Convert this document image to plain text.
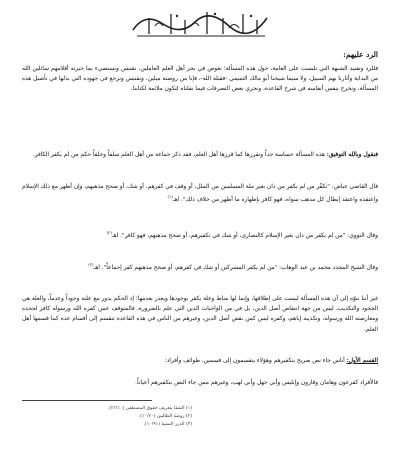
الرد عليهم:

فللرد وتفنيد الشبهة التي تلبست على العامة، حول هذه المسألة؛ نغوص في بحر أهل العلم العاملين، نقتبس ونستضيء بما حبرته أقلامهم سائلين الله من البداية وأثارنا بهم السبيل، ولا سيما شيخنا أبو مالك التميمي -فقبله الله-، فإنا من روضته ميلين، ونقتبس ونرجع في جهوده التي بذلها في تأصيل هذه المسألة، ونخرج بنفس أنفاسه في شرح القاعدة، ونجري بعض التصرفات فيما نقلناه لتكون ملائمة لكتابنا.

فنقول وبالله التوفيق: هذه المسألة حساسة جداً وتقررها كما قررها أهل العلم، فقد ذكر جماعة من أهل العلم سلفاً وخلفاً حكم من لم يكفر الكافر.

قال القاضي عياض: "نكفّر من لم يكفر من دان بغير ملة المسلمين من الملل، أو وقف في كفرهم، أو شك، أو صحح مذهبهم، وإن أظهر مع ذلك الإسلام واعتقده واعتقد إبطال كل مذهب سواه، فهو كافر بإظهاره ما أظهر من خلاف ذلك". اهـ$^{(١)}$

وقال النووي: "من لم يكفر من دان بغير الإسلام كالنصارى، أو شك في تكفيرهم، أو صحح مذهبهم، فهو كافر". اهـ$^{(٢)}$

وقال الشيخ المجدد محمد بن عبد الوهاب: "من لم يكفر المشركين أو شك في كفرهم، أو صحح مذهبهم كفر إجماعاً". اهـ$^{(٣)}$

غير أننا ننوّه إلى أن هذه المسألة ليست على إطلاقها، وإنما لها مناط وعلة يكفر بوجودها ويعذر بعدمها؛ إذ الحكم يدور مع علته وجوداً وعدماً، والعلة هي الجحود والتكذيب، ليس من جهة انتقاض أصل الدين، بل في من الواجبات الدين التي علم بالضرورة، فالمتوقف عمن كفره الله ورسوله كافر لجحده ومعارضته الله ورسوله، وتكذيبه إياهم، وكفره ليس كمن نقض أصل الدين، وغيرهم من الناس في هذه القاعدة تنقسم إلى أقسام عدة كما قسمها أهل العلم.

القسم الأول: أناس جاء نص صريح بتكفيرهم وهؤلاء ينقسمون إلى قسمين، طوائف وأفراد:

فالأفراد كفرعون وهامان وقارون وإبليس وأبي جهل وأبي لهب، وغيرهم ممن جاء النص بتكفيرهم أعياناً.

(١) الشفا بتعريف حقوق المصطفى (٢/٦١٠).
(٢) روضة الطالبين (١٠/٧٠).
(٣) الدرر السنية (١٠/٩١).
